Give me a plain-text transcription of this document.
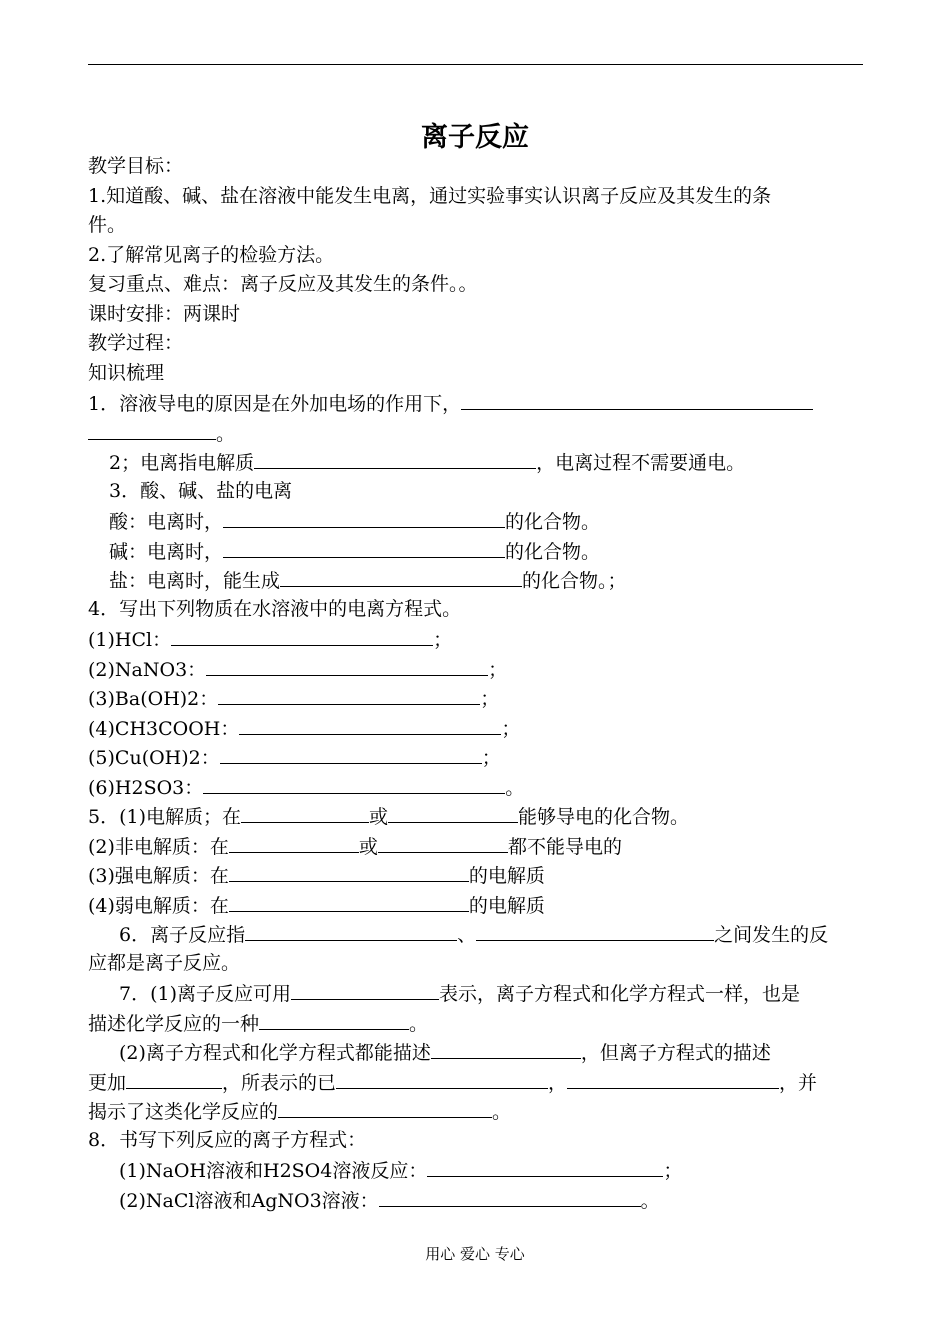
离子反应
教学目标：
1.知道酸、碱、盐在溶液中能发生电离，通过实验事实认识离子反应及其发生的条
件。
2.了解常见离子的检验方法。
复习重点、难点：离子反应及其发生的条件。。
课时安排：两课时
教学过程：
知识梳理
1．溶液导电的原因是在外加电场的作用下，
。
2；电离指电解质	，电离过程不需要通电。
3．酸、碱、盐的电离
酸：电离时，	的化合物。
碱：电离时，	的化合物。
盐：电离时，能生成	的化合物。；
4．写出下列物质在水溶液中的电离方程式。
(1)HCl：	；
(2)NaNO3：	；
(3)Ba(OH)2：	；
(4)CH3COOH：	；
(5)Cu(OH)2：	；
(6)H2SO3：	。
5．(1)电解质；在	或	能够导电的化合物。
(2)非电解质：在	或	都不能导电的
(3)强电解质：在	的电解质
(4)弱电解质：在	的电解质
6．离子反应指	、	之间发生的反
应都是离子反应。
7．(1)离子反应可用	表示，离子方程式和化学方程式一样，也是
描述化学反应的一种	。
(2)离子方程式和化学方程式都能描述	，但离子方程式的描述
更加	，所表示的已	，	，并
揭示了这类化学反应的	。
8．书写下列反应的离子方程式：
(1)NaOH溶液和H2SO4溶液反应：	；
(2)NaCl溶液和AgNO3溶液：	。
用心 爱心 专心
